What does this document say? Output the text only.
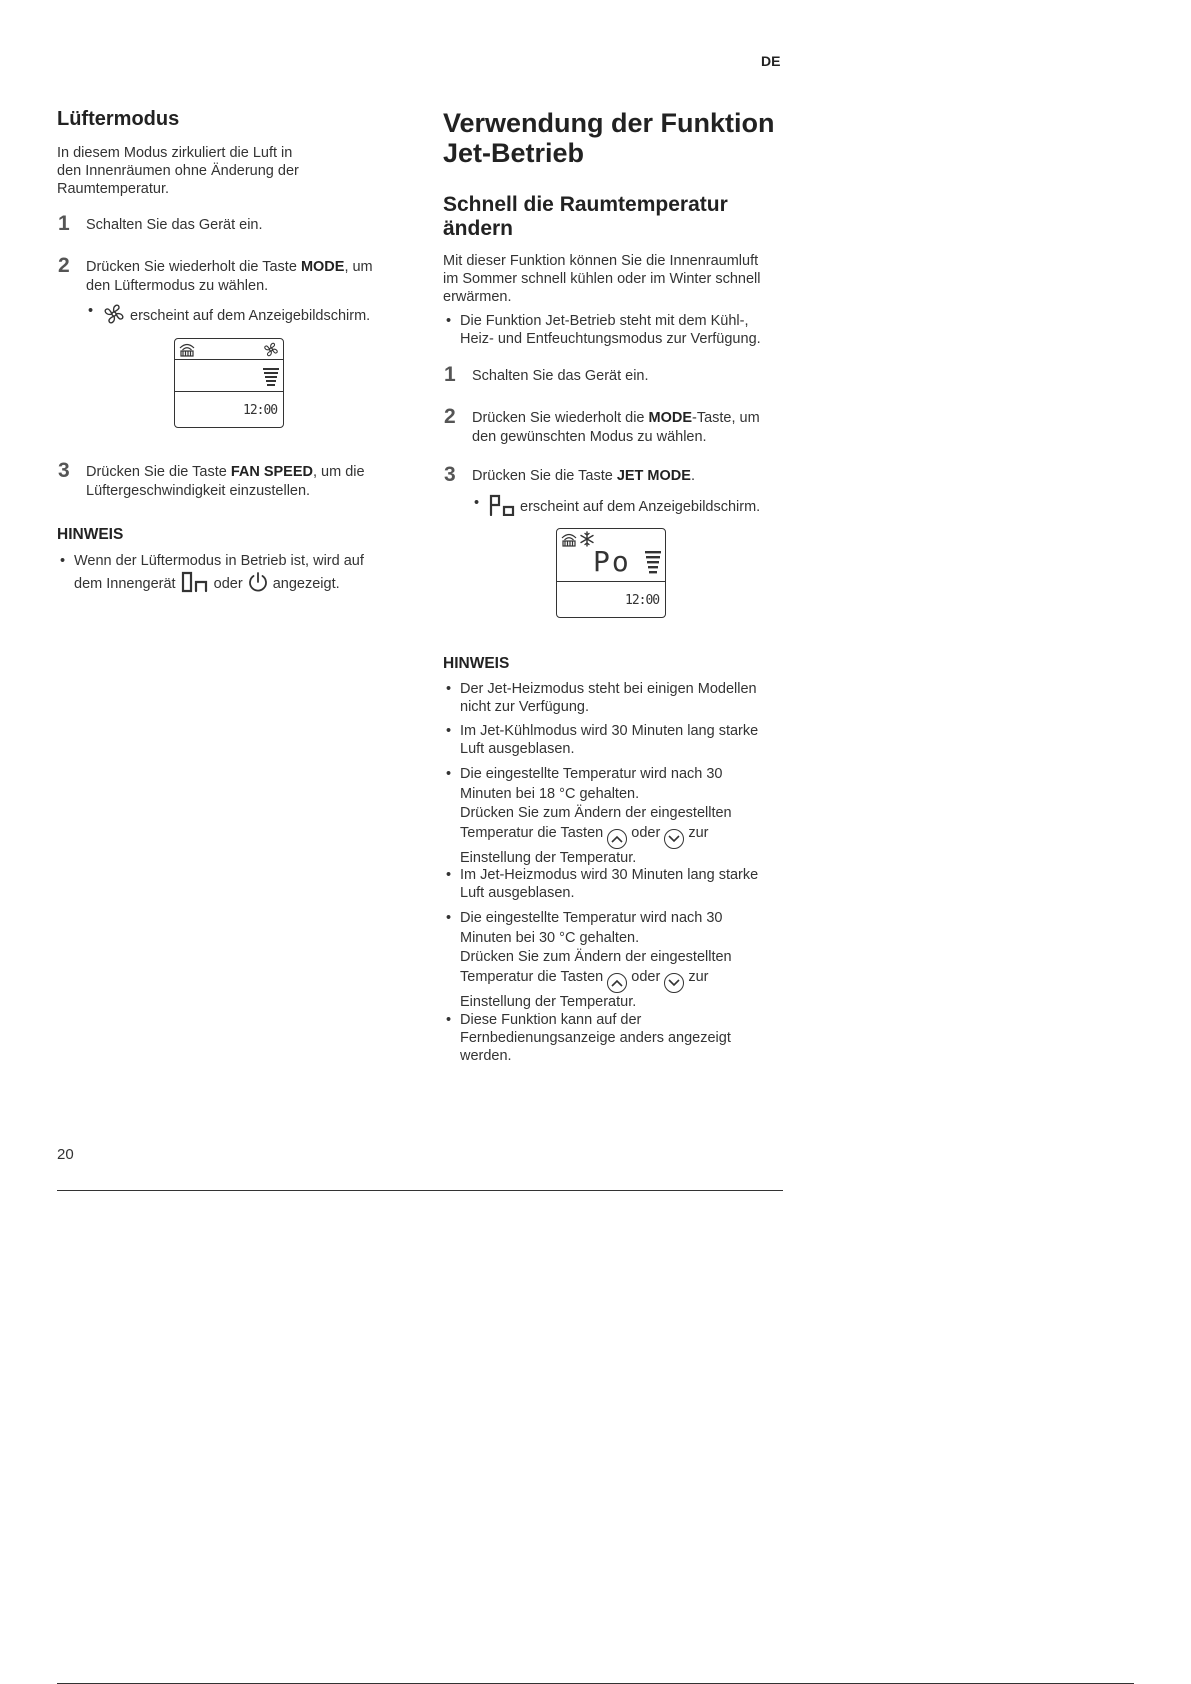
DE
Lüftermodus
In diesem Modus zirkuliert die Luft in
den Innenräumen ohne Änderung der
Raumtemperatur.
1 Schalten Sie das Gerät ein.
2 Drücken Sie wiederholt die Taste MODE, um
den Lüftermodus zu wählen.
•	erscheint auf dem Anzeigebildschirm.
12:00
3 Drücken Sie die Taste FAN SPEED, um die
Lüftergeschwindigkeit einzustellen.
HINWEIS
• Wenn der Lüftermodus in Betrieb ist, wird auf
dem Innengerät	oder angezeigt.
Verwendung der Funktion
Jet-Betrieb
Schnell die Raumtemperatur
ändern
Mit dieser Funktion können Sie die Innenraumluft
im Sommer schnell kühlen oder im Winter schnell
erwärmen.
• Die Funktion Jet-Betrieb steht mit dem Kühl-,
Heiz- und Entfeuchtungsmodus zur Verfügung.
1 Schalten Sie das Gerät ein.
2 Drücken Sie wiederholt die MODE-Taste, um
den gewünschten Modus zu wählen.
3 Drücken Sie die Taste JET MODE.
•	erscheint auf dem Anzeigebildschirm.
Po
12:00
HINWEIS
• Der Jet-Heizmodus steht bei einigen Modellen
nicht zur Verfügung.
• Im Jet-Kühlmodus wird 30 Minuten lang starke
Luft ausgeblasen.
• Die eingestellte Temperatur wird nach 30
Minuten bei 18 °C gehalten.
Drücken Sie zum Ändern der eingestellten
Temperatur die Tasten oder zur
Einstellung der Temperatur.
• Im Jet-Heizmodus wird 30 Minuten lang starke
Luft ausgeblasen.
• Die eingestellte Temperatur wird nach 30
Minuten bei 30 °C gehalten.
Drücken Sie zum Ändern der eingestellten
Temperatur die Tasten oder zur
Einstellung der Temperatur.
• Diese Funktion kann auf der
Fernbedienungsanzeige anders angezeigt
werden.
20
